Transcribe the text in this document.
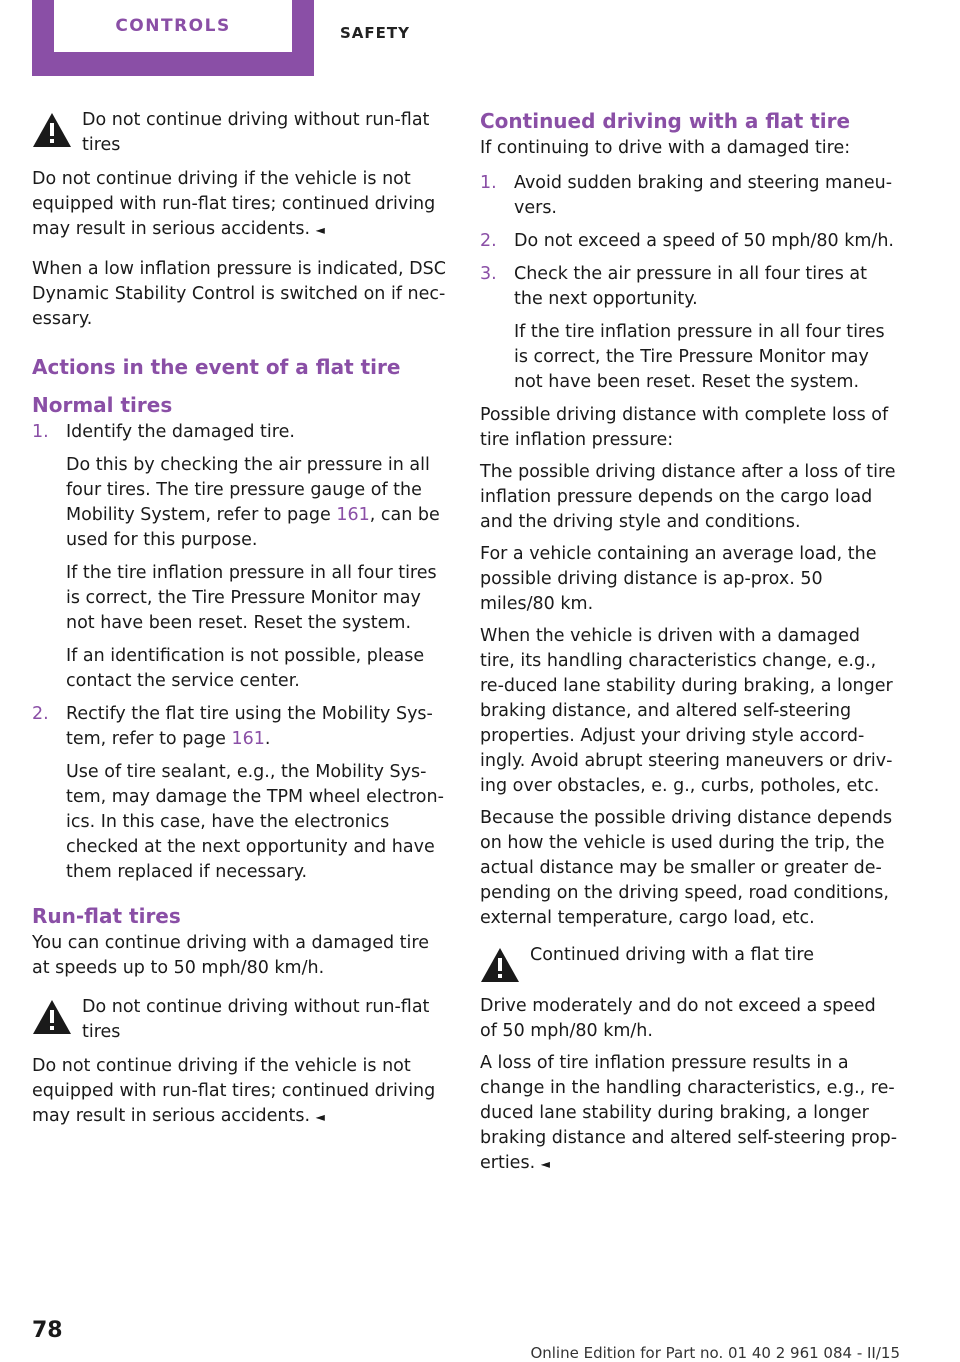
CONTROLS	SAFETY
Do not continue driving without run-flat tires

Do not continue driving if the vehicle is not equipped with run-flat tires; continued driving may result in serious accidents. ◄

When a low inflation pressure is indicated, DSC Dynamic Stability Control is switched on if nec‐essary.

Actions in the event of a flat tire
Normal tires
1. Identify the damaged tire.

Do this by checking the air pressure in all four tires. The tire pressure gauge of the Mobility System, refer to page 161, can be used for this purpose.

If the tire inflation pressure in all four tires is correct, the Tire Pressure Monitor may not have been reset. Reset the system.

If an identification is not possible, please contact the service center.

2. Rectify the flat tire using the Mobility Sys‐tem, refer to page 161.

Use of tire sealant, e.g., the Mobility Sys‐tem, may damage the TPM wheel electron‐ics. In this case, have the electronics checked at the next opportunity and have them replaced if necessary.

Run-flat tires

You can continue driving with a damaged tire at speeds up to 50 mph/80 km/h.

Do not continue driving without run-flat tires

Do not continue driving if the vehicle is not equipped with run-flat tires; continued driving may result in serious accidents. ◄

Continued driving with a flat tire

If continuing to drive with a damaged tire:

1. Avoid sudden braking and steering maneu‐vers.

2. Do not exceed a speed of 50 mph/80 km/h.

3. Check the air pressure in all four tires at the next opportunity.

If the tire inflation pressure in all four tires is correct, the Tire Pressure Monitor may not have been reset. Reset the system.

Possible driving distance with complete loss of tire inflation pressure:

The possible driving distance after a loss of tire inflation pressure depends on the cargo load and the driving style and conditions.

For a vehicle containing an average load, the possible driving distance is ap‐prox. 50 miles/80 km.

When the vehicle is driven with a damaged tire, its handling characteristics change, e.g., re‐duced lane stability during braking, a longer braking distance, and altered self-steering properties. Adjust your driving style accord‐ingly. Avoid abrupt steering maneuvers or driv‐ing over obstacles, e. g., curbs, potholes, etc.

Because the possible driving distance depends on how the vehicle is used during the trip, the actual distance may be smaller or greater de‐pending on the driving speed, road conditions, external temperature, cargo load, etc.

Continued driving with a flat tire

Drive moderately and do not exceed a speed of 50 mph/80 km/h.

A loss of tire inflation pressure results in a change in the handling characteristics, e.g., re‐duced lane stability during braking, a longer braking distance and altered self-steering prop‐erties. ◄

78
Online Edition for Part no. 01 40 2 961 084 - II/15
